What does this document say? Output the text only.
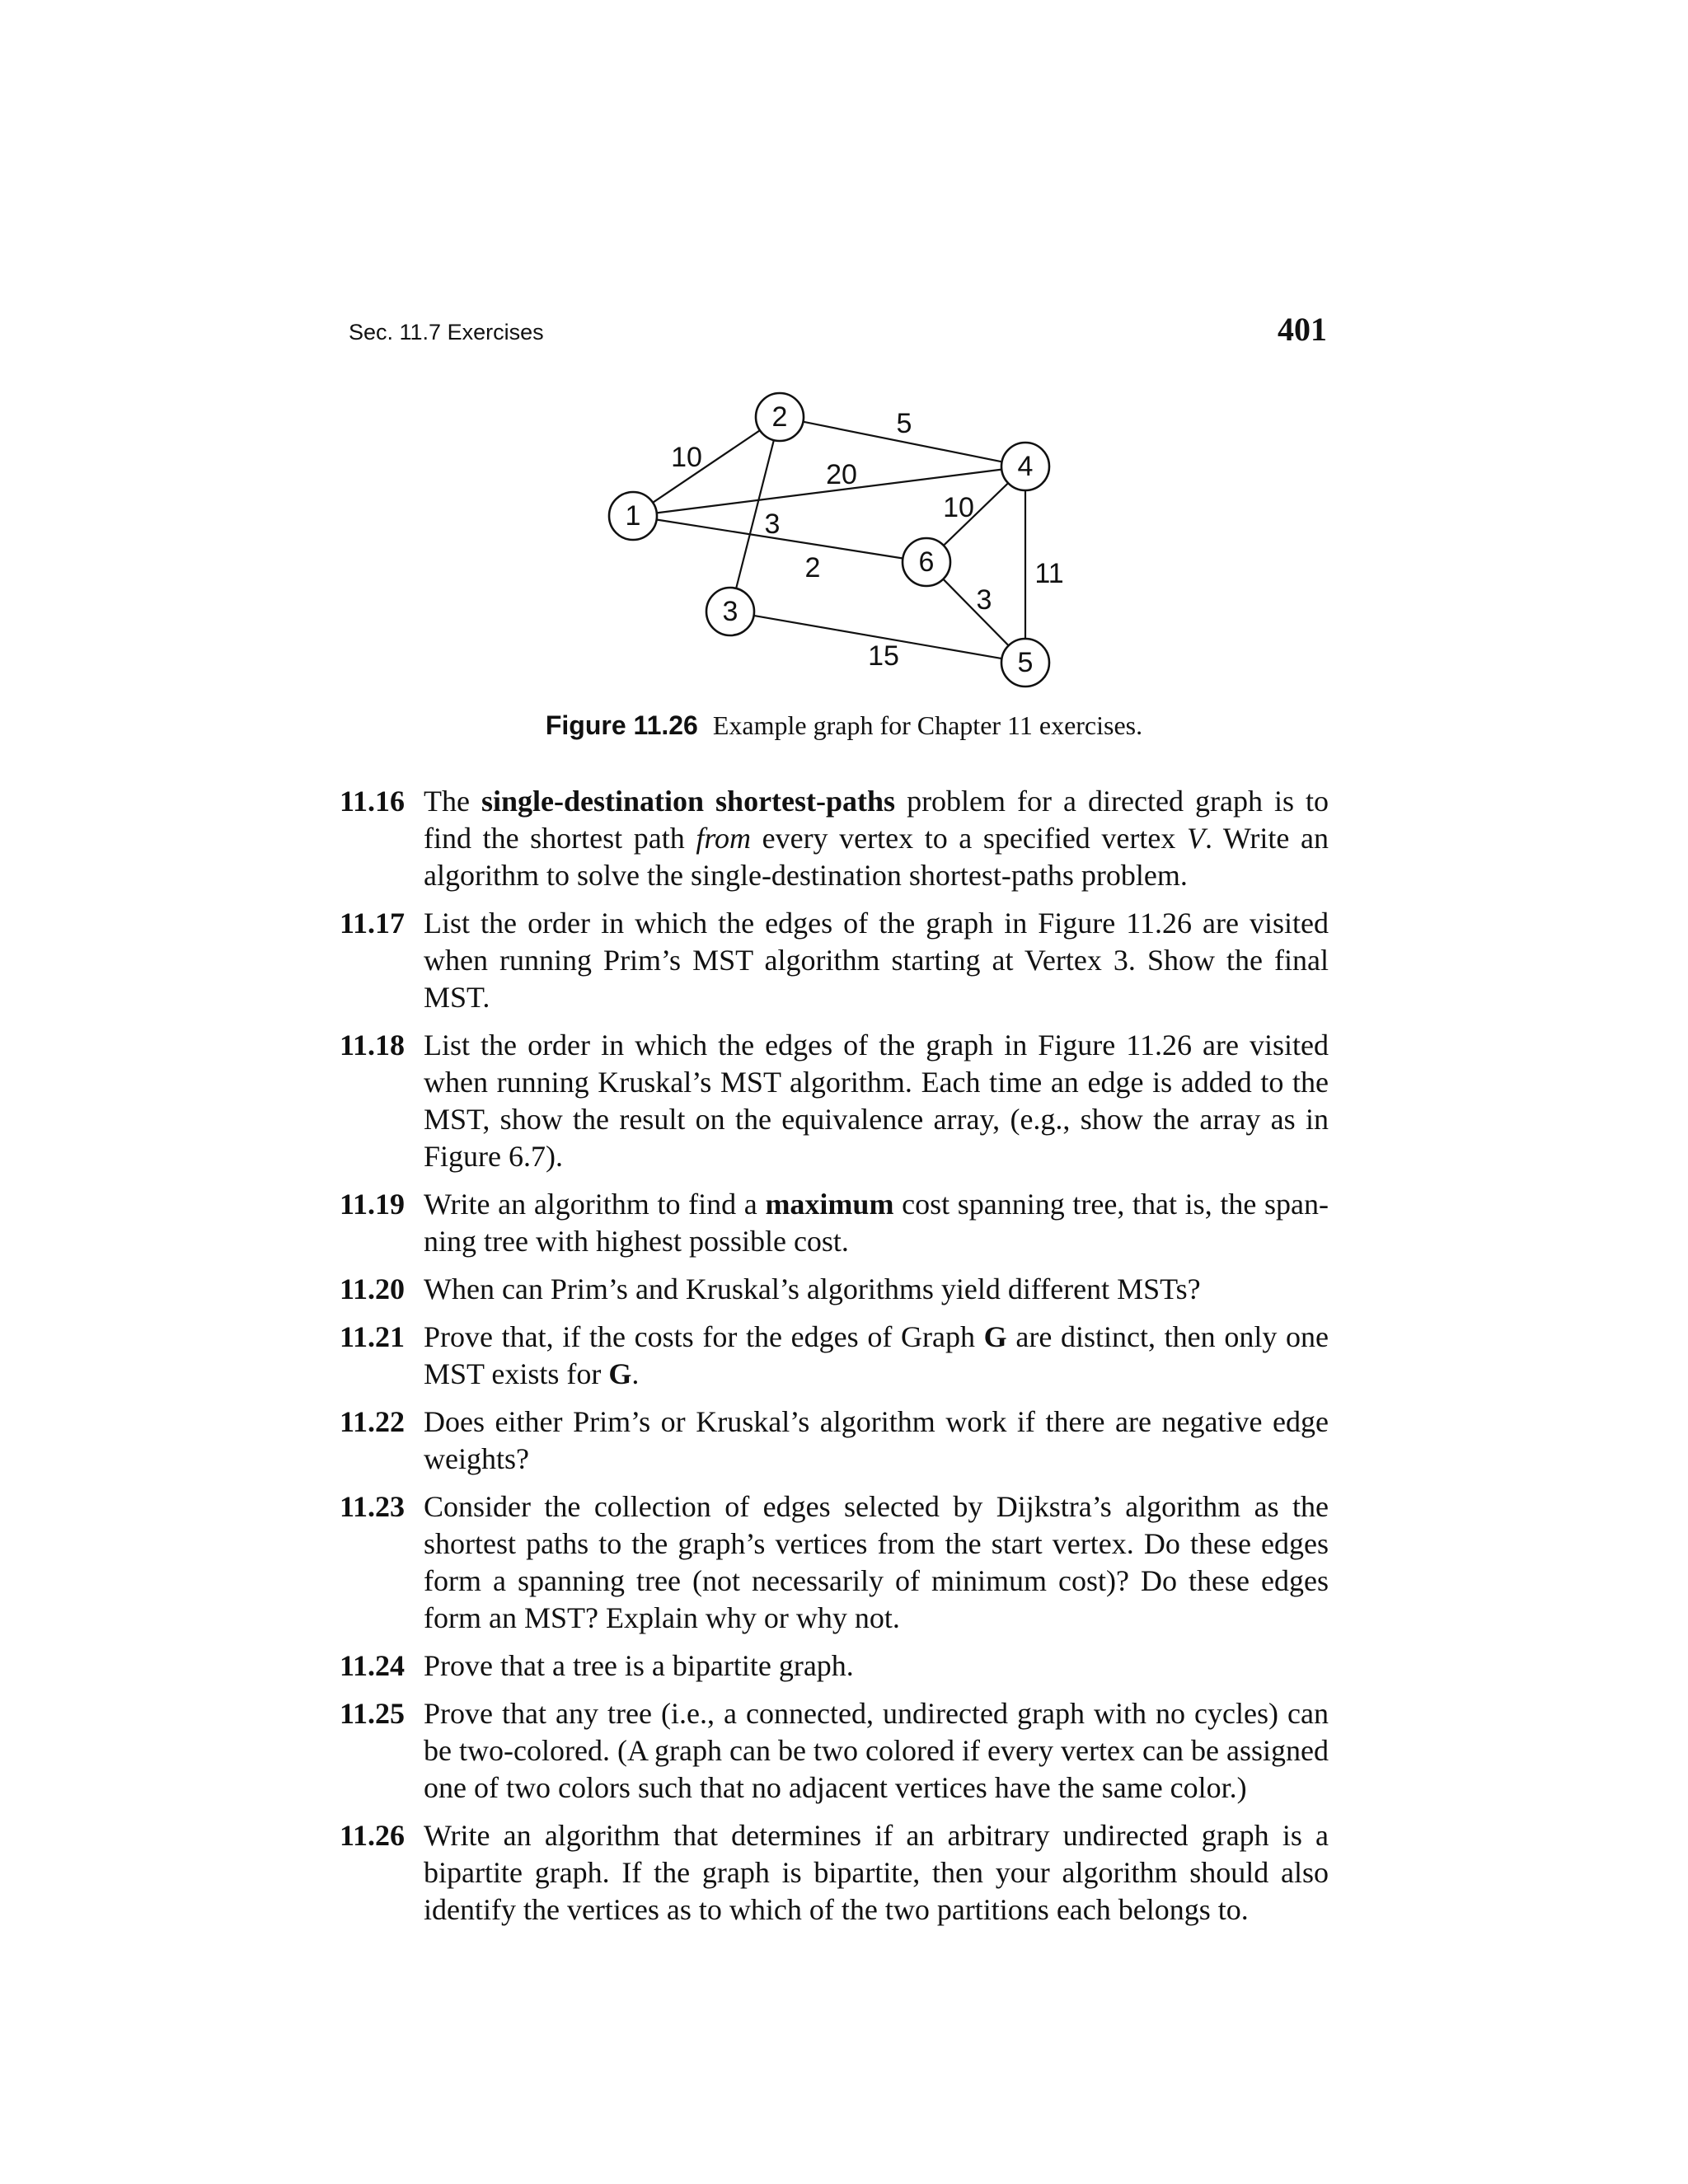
Sec. 11.7 Exercises	401
10
5
20
3
2
10
11
3
15
1
2
3
4
5
6
Figure 11.26 Example graph for Chapter 11 exercises.
11.16 The single-destination shortest-paths problem for a directed graph is to find the shortest path from every vertex to a specified vertex V. Write an algorithm to solve the single-destination shortest-paths problem.
11.17 List the order in which the edges of the graph in Figure 11.26 are visited when running Prim’s MST algorithm starting at Vertex 3. Show the final MST.
11.18 List the order in which the edges of the graph in Figure 11.26 are visited when running Kruskal’s MST algorithm. Each time an edge is added to the MST, show the result on the equivalence array, (e.g., show the array as in Figure 6.7).
11.19 Write an algorithm to find a maximum cost spanning tree, that is, the spanning tree with highest possible cost.
11.20 When can Prim’s and Kruskal’s algorithms yield different MSTs?
11.21 Prove that, if the costs for the edges of Graph G are distinct, then only one MST exists for G.
11.22 Does either Prim’s or Kruskal’s algorithm work if there are negative edge weights?
11.23 Consider the collection of edges selected by Dijkstra’s algorithm as the shortest paths to the graph’s vertices from the start vertex. Do these edges form a spanning tree (not necessarily of minimum cost)? Do these edges form an MST? Explain why or why not.
11.24 Prove that a tree is a bipartite graph.
11.25 Prove that any tree (i.e., a connected, undirected graph with no cycles) can be two-colored. (A graph can be two colored if every vertex can be assigned one of two colors such that no adjacent vertices have the same color.)
11.26 Write an algorithm that determines if an arbitrary undirected graph is a bipartite graph. If the graph is bipartite, then your algorithm should also identify the vertices as to which of the two partitions each belongs to.
